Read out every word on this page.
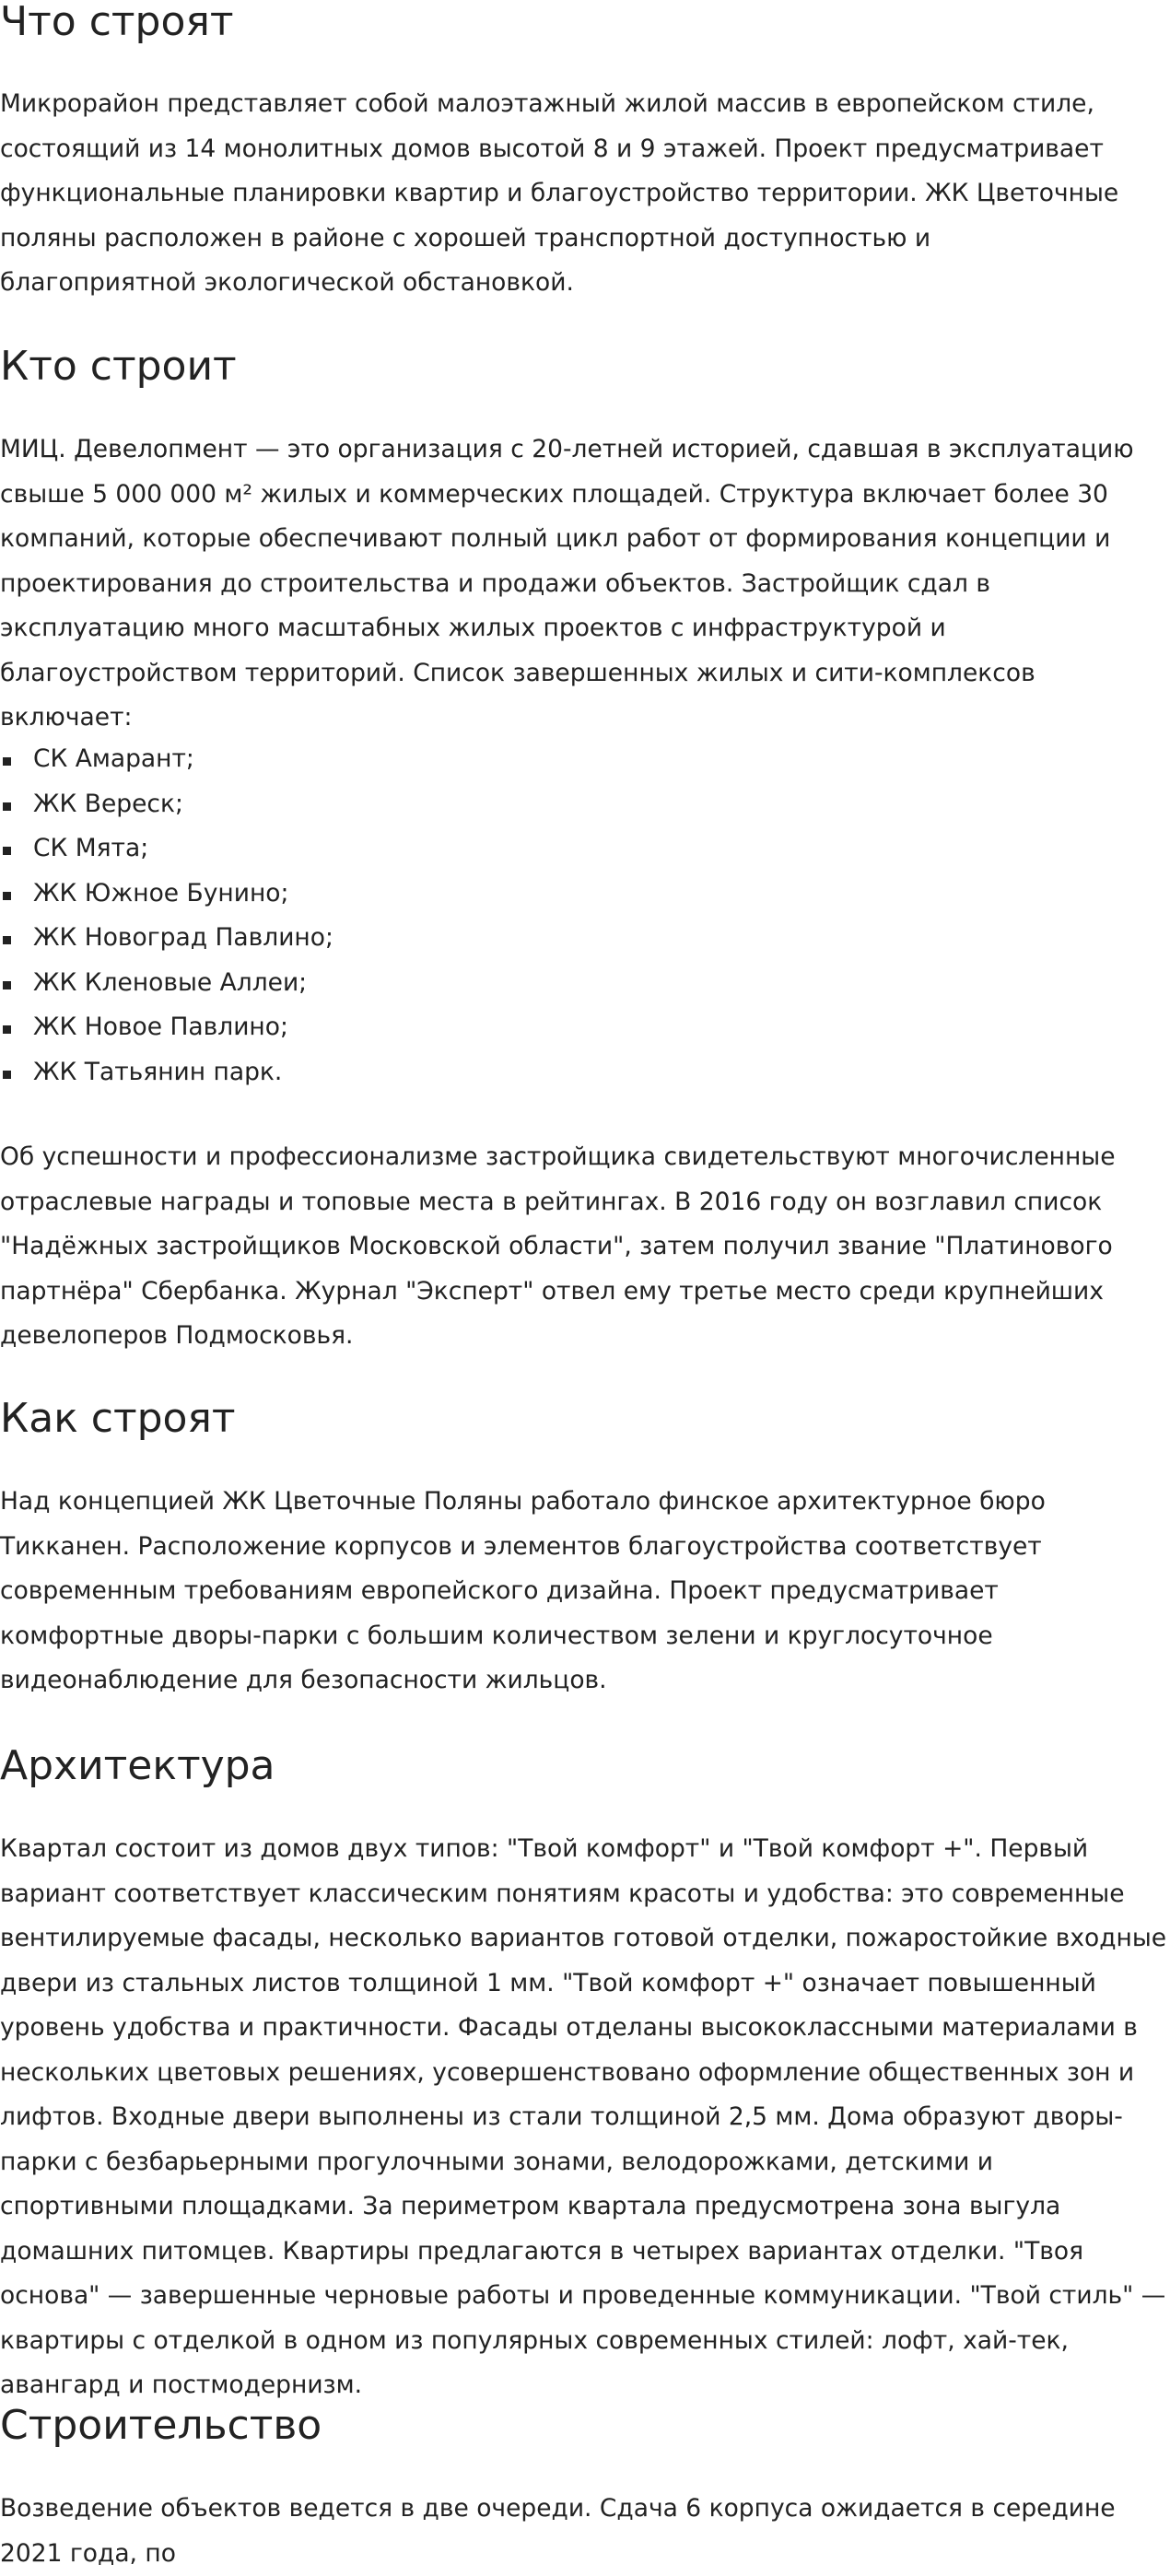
Что строят

Микрорайон представляет собой малоэтажный жилой массив в европейском стиле, состоящий из 14 монолитных домов высотой 8 и 9 этажей. Проект предусматривает функциональные планировки квартир и благоустройство территории. ЖК Цветочные поляны расположен в районе с хорошей транспортной доступностью и благоприятной экологической обстановкой.

Кто строит

МИЦ. Девелопмент — это организация с 20-летней историей, сдавшая в эксплуатацию свыше 5 000 000 м² жилых и коммерческих площадей. Структура включает более 30 компаний, которые обеспечивают полный цикл работ от формирования концепции и проектирования до строительства и продажи объектов. Застройщик сдал в эксплуатацию много масштабных жилых проектов с инфраструктурой и благоустройством территорий. Список завершенных жилых и сити-комплексов включает:

СК Амарант;
ЖК Вереск;
СК Мята;
ЖК Южное Бунино;
ЖК Новоград Павлино;
ЖК Кленовые Аллеи;
ЖК Новое Павлино;
ЖК Татьянин парк.

Об успешности и профессионализме застройщика свидетельствуют многочисленные отраслевые награды и топовые места в рейтингах. В 2016 году он возглавил список "Надёжных застройщиков Московской области", затем получил звание "Платинового партнёра" Сбербанка. Журнал "Эксперт" отвел ему третье место среди крупнейших девелоперов Подмосковья.

Как строят

Над концепцией ЖК Цветочные Поляны работало финское архитектурное бюро Тикканен. Расположение корпусов и элементов благоустройства соответствует современным требованиям европейского дизайна. Проект предусматривает комфортные дворы-парки с большим количеством зелени и круглосуточное видеонаблюдение для безопасности жильцов.

Архитектура

Квартал состоит из домов двух типов: "Твой комфорт" и "Твой комфорт +". Первый вариант соответствует классическим понятиям красоты и удобства: это современные вентилируемые фасады, несколько вариантов готовой отделки, пожаростойкие входные двери из стальных листов толщиной 1 мм. "Твой комфорт +" означает повышенный уровень удобства и практичности. Фасады отделаны высококлассными материалами в нескольких цветовых решениях, усовершенствовано оформление общественных зон и лифтов. Входные двери выполнены из стали толщиной 2,5 мм. Дома образуют дворы-парки с безбарьерными прогулочными зонами, велодорожками, детскими и спортивными площадками. За периметром квартала предусмотрена зона выгула домашних питомцев. Квартиры предлагаются в четырех вариантах отделки. "Твоя основа" — завершенные черновые работы и проведенные коммуникации. "Твой стиль" — квартиры с отделкой в одном из популярных современных стилей: лофт, хай-тек, авангард и постмодернизм.

Строительство

Возведение объектов ведется в две очереди. Сдача 6 корпуса ожидается в середине 2021 года, по
